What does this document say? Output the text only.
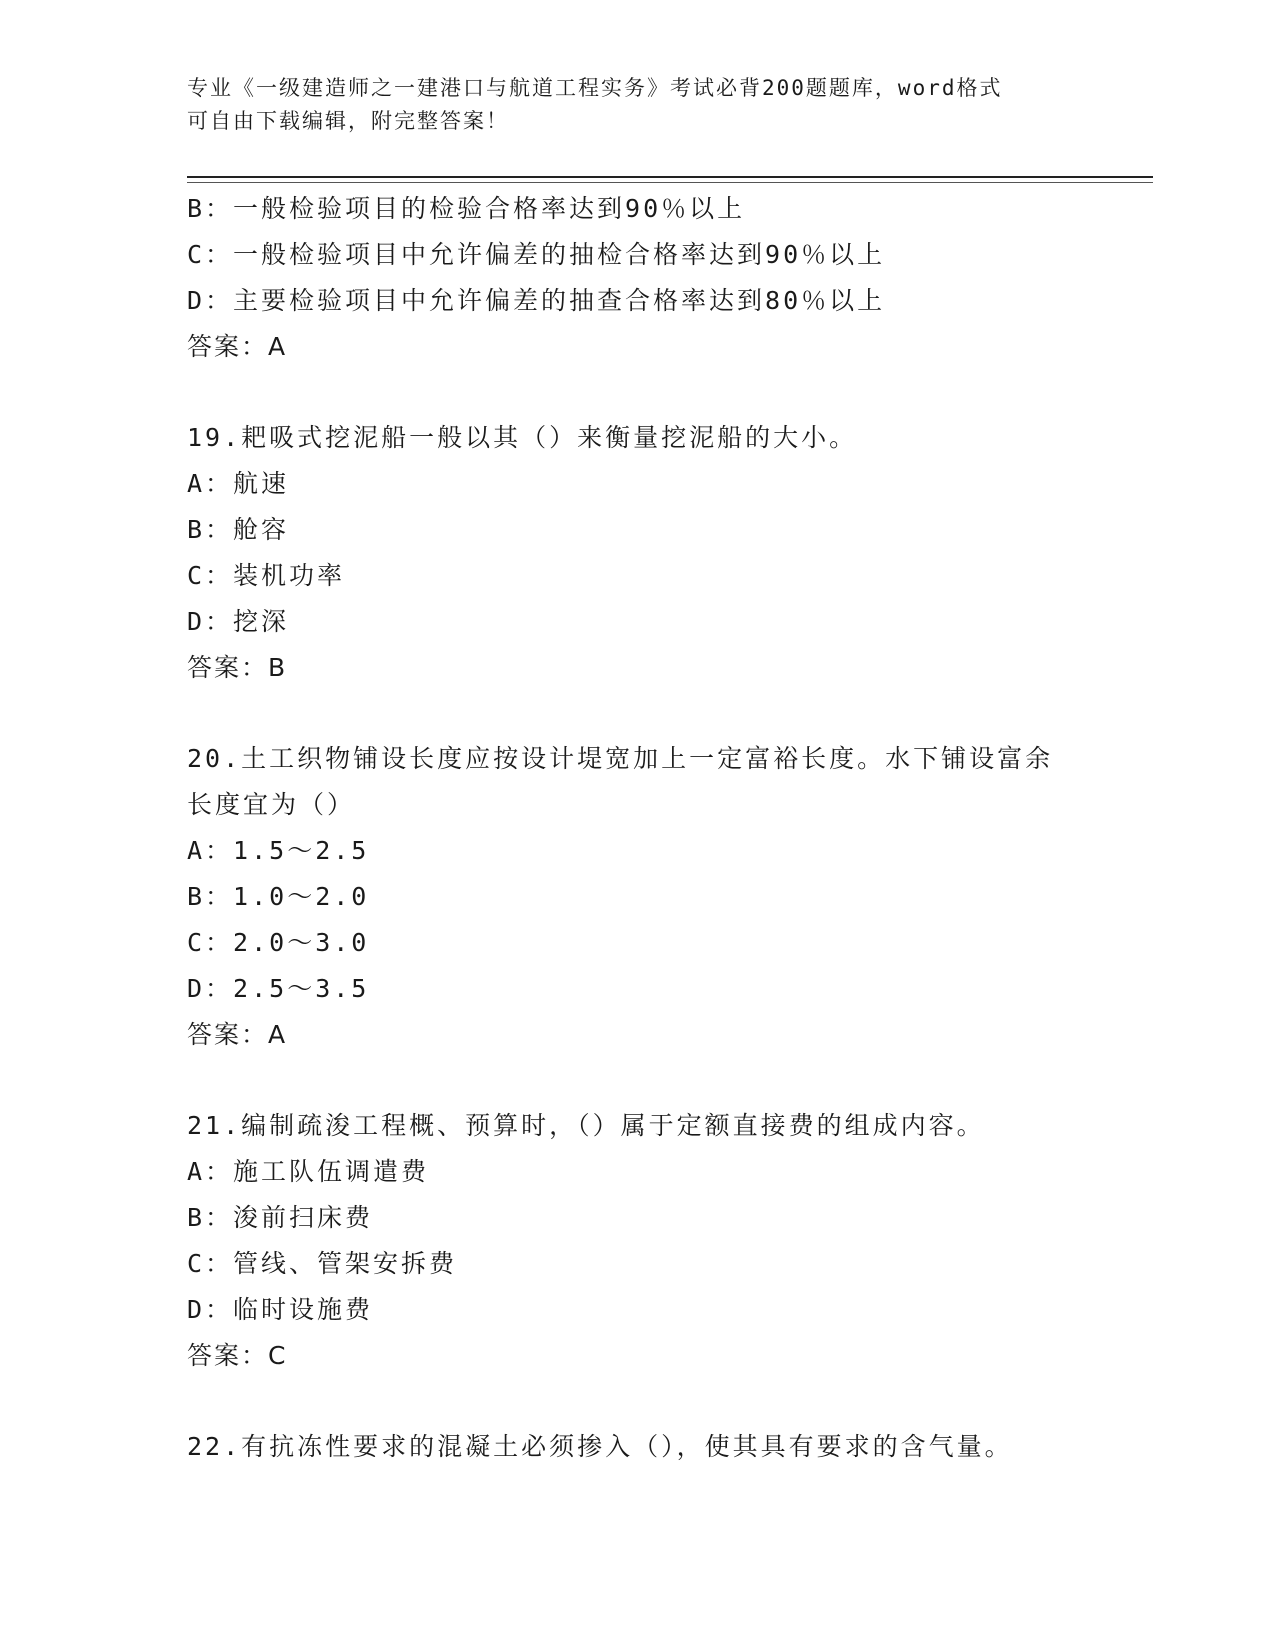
专业《一级建造师之一建港口与航道工程实务》考试必背200题题库，word格式
可自由下载编辑，附完整答案！
B：一般检验项目的检验合格率达到90％以上
C：一般检验项目中允许偏差的抽检合格率达到90％以上
D：主要检验项目中允许偏差的抽查合格率达到80％以上
答案：A
19.耙吸式挖泥船一般以其（）来衡量挖泥船的大小。
A：航速
B：舱容
C：装机功率
D：挖深
答案：B
20.土工织物铺设长度应按设计堤宽加上一定富裕长度。水下铺设富余
长度宜为（）
A：1.5～2.5
B：1.0～2.0
C：2.0～3.0
D：2.5～3.5
答案：A
21.编制疏浚工程概、预算时，（）属于定额直接费的组成内容。
A：施工队伍调遣费
B：浚前扫床费
C：管线、管架安拆费
D：临时设施费
答案：C
22.有抗冻性要求的混凝土必须掺入（），使其具有要求的含气量。
